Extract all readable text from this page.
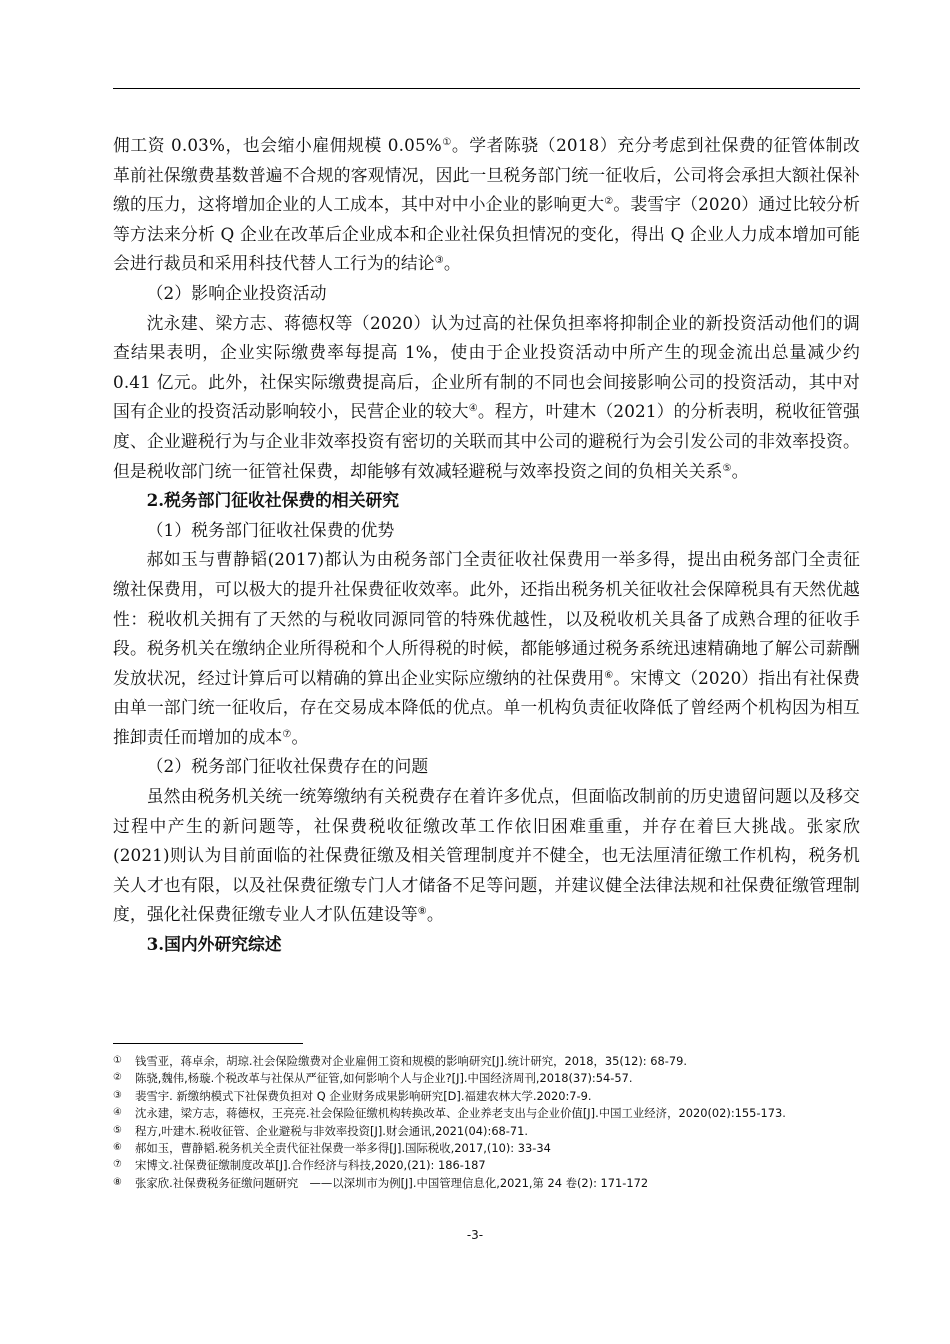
佣工资 0.03%，也会缩小雇佣规模 0.05%①。学者陈骁（2018）充分考虑到社保费的征管体制改革前社保缴费基数普遍不合规的客观情况，因此一旦税务部门统一征收后，公司将会承担大额社保补缴的压力，这将增加企业的人工成本，其中对中小企业的影响更大②。裴雪宇（2020）通过比较分析等方法来分析 Q 企业在改革后企业成本和企业社保负担情况的变化，得出 Q 企业人力成本增加可能会进行裁员和采用科技代替人工行为的结论③。

（2）影响企业投资活动

沈永建、梁方志、蒋德权等（2020）认为过高的社保负担率将抑制企业的新投资活动他们的调查结果表明，企业实际缴费率每提高 1%，使由于企业投资活动中所产生的现金流出总量减少约 0.41 亿元。此外，社保实际缴费提高后，企业所有制的不同也会间接影响公司的投资活动，其中对国有企业的投资活动影响较小，民营企业的较大④。程方，叶建木（2021）的分析表明，税收征管强度、企业避税行为与企业非效率投资有密切的关联而其中公司的避税行为会引发公司的非效率投资。但是税收部门统一征管社保费，却能够有效减轻避税与效率投资之间的负相关关系⑤。

2.税务部门征收社保费的相关研究

（1）税务部门征收社保费的优势

郝如玉与曹静韬(2017)都认为由税务部门全责征收社保费用一举多得，提出由税务部门全责征缴社保费用，可以极大的提升社保费征收效率。此外，还指出税务机关征收社会保障税具有天然优越性：税收机关拥有了天然的与税收同源同管的特殊优越性，以及税收机关具备了成熟合理的征收手段。税务机关在缴纳企业所得税和个人所得税的时候，都能够通过税务系统迅速精确地了解公司薪酬发放状况，经过计算后可以精确的算出企业实际应缴纳的社保费用⑥。宋博文（2020）指出有社保费由单一部门统一征收后，存在交易成本降低的优点。单一机构负责征收降低了曾经两个机构因为相互推卸责任而增加的成本⑦。

（2）税务部门征收社保费存在的问题

虽然由税务机关统一统筹缴纳有关税费存在着许多优点，但面临改制前的历史遗留问题以及移交过程中产生的新问题等，社保费税收征缴改革工作依旧困难重重，并存在着巨大挑战。张家欣(2021)则认为目前面临的社保费征缴及相关管理制度并不健全，也无法厘清征缴工作机构，税务机关人才也有限，以及社保费征缴专门人才储备不足等问题，并建议健全法律法规和社保费征缴管理制度，强化社保费征缴专业人才队伍建设等⑧。

3.国内外研究综述

① 钱雪亚，蒋卓余，胡琼.社会保险缴费对企业雇佣工资和规模的影响研究[J].统计研究，2018，35(12): 68-79.

② 陈骁,魏伟,杨璇.个税改革与社保从严征管,如何影响个人与企业?[J].中国经济周刊,2018(37):54-57.

③ 裴雪宇. 新缴纳模式下社保费负担对 Q 企业财务成果影响研究[D].福建农林大学.2020:7-9.

④ 沈永建，梁方志，蒋德权，王亮亮.社会保险征缴机构转换改革、企业养老支出与企业价值[J].中国工业经济，2020(02):155-173.

⑤ 程方,叶建木.税收征管、企业避税与非效率投资[J].财会通讯,2021(04):68-71.

⑥ 郝如玉，曹静韬.税务机关全责代征社保费一举多得[J].国际税收,2017,(10): 33-34

⑦ 宋博文.社保费征缴制度改革[J].合作经济与科技,2020,(21): 186-187

⑧ 张家欣.社保费税务征缴问题研究　——以深圳市为例[J].中国管理信息化,2021,第 24 卷(2): 171-172

-3-
